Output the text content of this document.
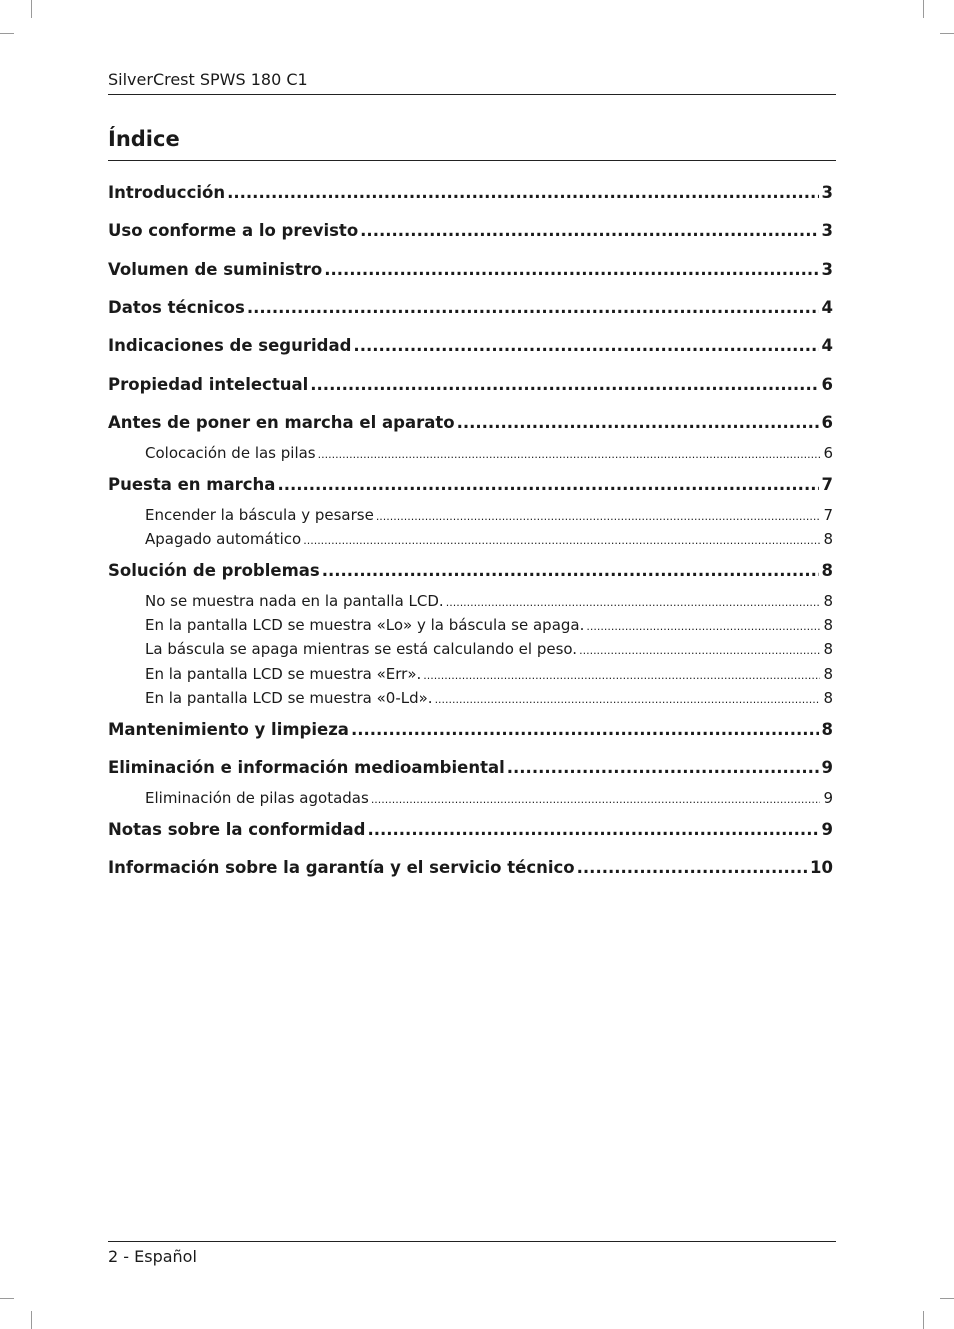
SilverCrest SPWS 180 C1
Índice
Introducción .....	3
Uso conforme a lo previsto .....	3
Volumen de suministro .....	3
Datos técnicos .....	4
Indicaciones de seguridad .....	4
Propiedad intelectual .....	6
Antes de poner en marcha el aparato .....	6
Colocación de las pilas .....	6
Puesta en marcha .....	7
Encender la báscula y pesarse .....	7
Apagado automático .....	8
Solución de problemas .....	8
No se muestra nada en la pantalla LCD. .....	8
En la pantalla LCD se muestra «Lo» y la báscula se apaga. .....	8
La báscula se apaga mientras se está calculando el peso. .....	8
En la pantalla LCD se muestra «Err». .....	8
En la pantalla LCD se muestra «0-Ld». .....	8
Mantenimiento y limpieza .....	8
Eliminación e información medioambiental .....	9
Eliminación de pilas agotadas .....	9
Notas sobre la conformidad .....	9
Información sobre la garantía y el servicio técnico .....	10
2 - Español
